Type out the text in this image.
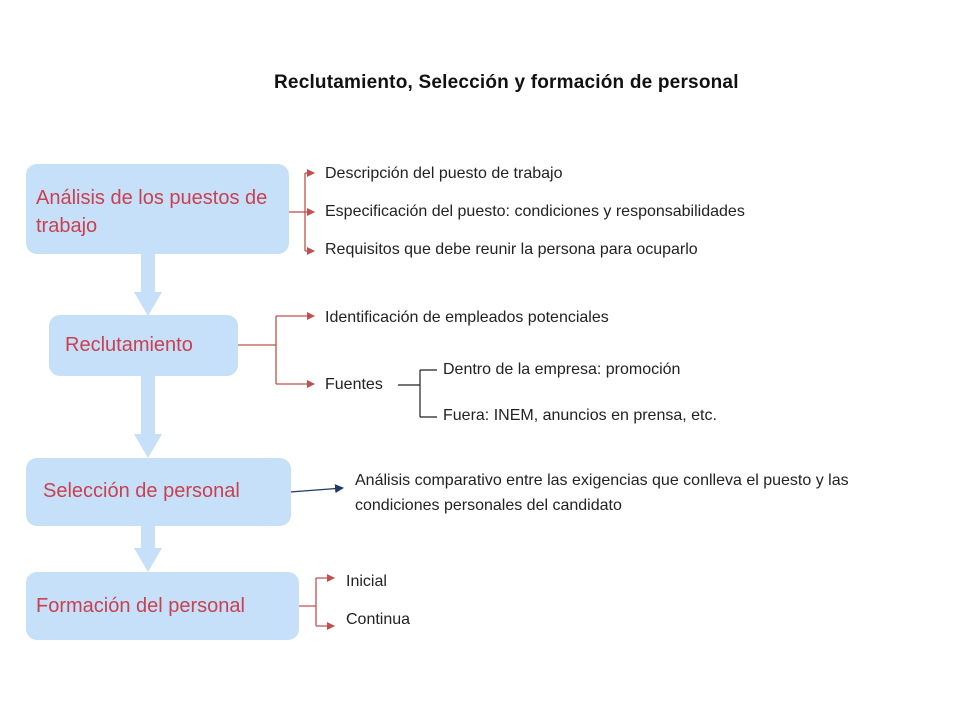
Reclutamiento, Selección y formación de personal
Análisis de los puestos de trabajo
Reclutamiento
Selección de personal
Formación del personal
Descripción del puesto de trabajo
Especificación del puesto: condiciones y responsabilidades
Requisitos que debe reunir la persona para ocuparlo
Identificación de empleados potenciales
Fuentes
Dentro de la empresa: promoción
Fuera: INEM, anuncios en prensa, etc.
Análisis comparativo entre las exigencias que conlleva el puesto y las condiciones personales del candidato
Inicial
Continua
